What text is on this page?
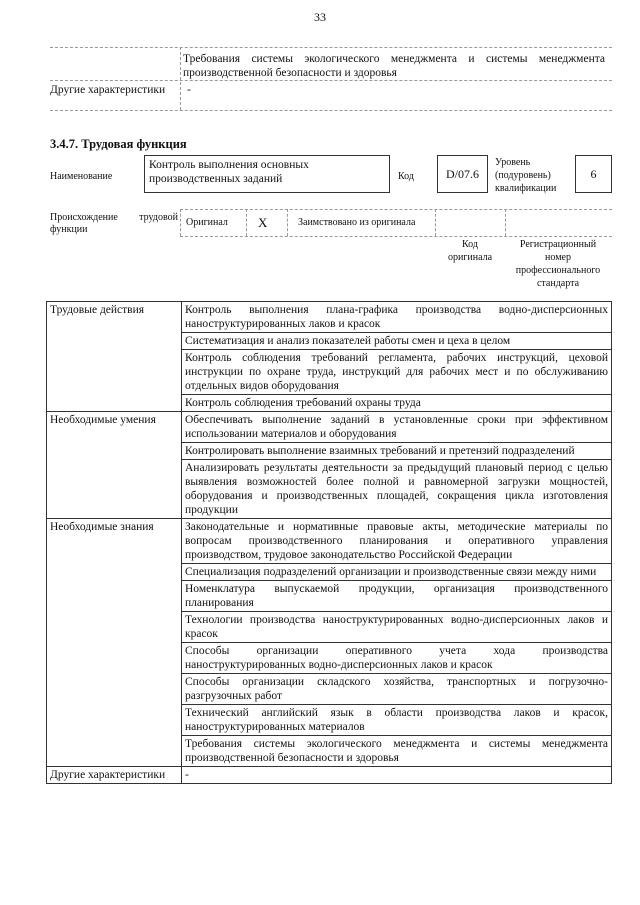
33
Требования системы экологического менеджмента и системы менеджмента производственной безопасности и здоровья
Другие характеристики	-
3.4.7. Трудовая функция
Наименование
Контроль выполнения основных производственных заданий	Код	D/07.6
Уровень (подуровень) квалификации
6
Происхождение трудовой функции
Оригинал X	Заимствовано из оригинала
Код оригинала
Регистрационный номер профессионального стандарта
Трудовые действия	Контроль выполнения плана-графика производства водно-дисперсионных наноструктурированных лаков и красок
	Систематизация и анализ показателей работы смен и цеха в целом
	Контроль соблюдения требований регламента, рабочих инструкций, цеховой инструкции по охране труда, инструкций для рабочих мест и по обслуживанию отдельных видов оборудования
	Контроль соблюдения требований охраны труда
Необходимые умения	Обеспечивать выполнение заданий в установленные сроки при эффективном использовании материалов и оборудования
	Контролировать выполнение взаимных требований и претензий подразделений
	Анализировать результаты деятельности за предыдущий плановый период с целью выявления возможностей более полной и равномерной загрузки мощностей, оборудования и производственных площадей, сокращения цикла изготовления продукции
Необходимые знания	Законодательные и нормативные правовые акты, методические материалы по вопросам производственного планирования и оперативного управления производством, трудовое законодательство Российской Федерации
	Специализация подразделений организации и производственные связи между ними
	Номенклатура выпускаемой продукции, организация производственного планирования
	Технологии производства наноструктурированных водно-дисперсионных лаков и красок
	Способы организации оперативного учета хода производства наноструктурированных водно-дисперсионных лаков и красок
	Способы организации складского хозяйства, транспортных и погрузочно-разгрузочных работ
	Технический английский язык в области производства лаков и красок, наноструктурированных материалов
	Требования системы экологического менеджмента и системы менеджмента производственной безопасности и здоровья
Другие характеристики	-
